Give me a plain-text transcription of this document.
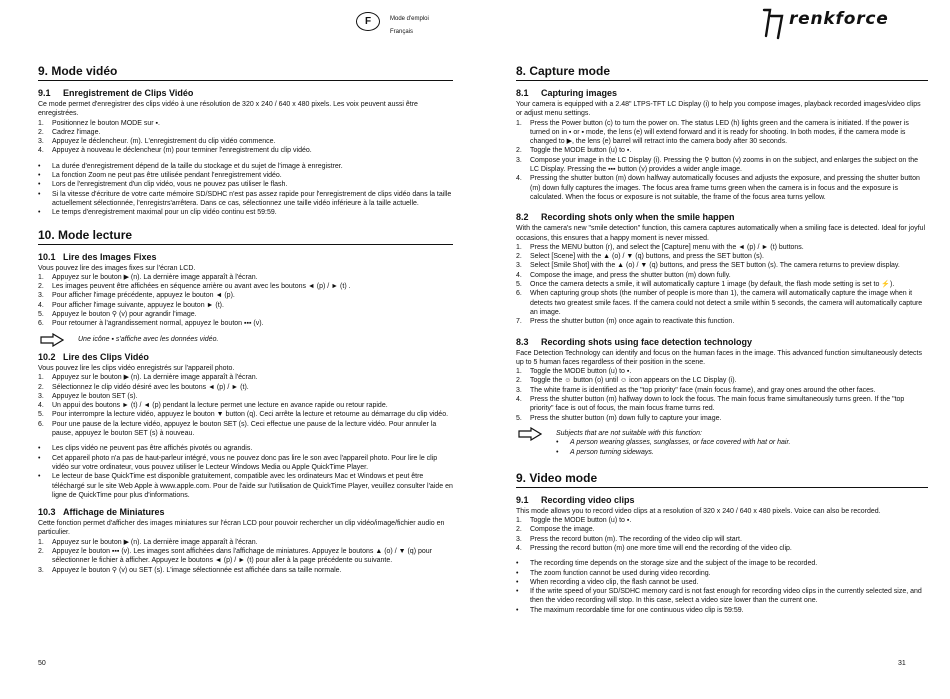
F	Mode d'emploi
Français
renkforce
9. Mode vidéo
9.1 Enregistrement de Clips Vidéo

Ce mode permet d'enregistrer des clips vidéo à une résolution de 320 x 240 / 640 x 480 pixels. Les voix peuvent aussi être enregistrées.

1. Positionnez le bouton MODE sur ▪.
2. Cadrez l'image.
3. Appuyez le déclencheur. (m). L'enregistrement du clip vidéo commence.
4. Appuyez à nouveau le déclencheur (m) pour terminer l'enregistrement du clip vidéo.
• La durée d'enregistrement dépend de la taille du stockage et du sujet de l'image à enregistrer.
• La fonction Zoom ne peut pas être utilisée pendant l'enregistrement vidéo.
• Lors de l'enregistrement d'un clip vidéo, vous ne pouvez pas utiliser le flash.
• Si la vitesse d'écriture de votre carte mémoire SD/SDHC n'est pas assez rapide pour l'enregistrement de clips vidéo dans la taille actuellement sélectionnée, l'enregistrs'arrêtera. Dans ce cas, sélectionnez une taille vidéo inférieure à la taille actuelle.
• Le temps d'enregistrement maximal pour un clip vidéo continu est 59:59.
10. Mode lecture
10.1 Lire des Images Fixes

Vous pouvez lire des images fixes sur l'écran LCD.

1. Appuyez sur le bouton ▶ (n). La dernière image apparaît à l'écran.
2. Les images peuvent être affichées en séquence arrière ou avant avec les boutons ◄ (p) / ► (t) .
3. Pour afficher l'image précédente, appuyez le bouton ◄ (p).
4. Pour afficher l'image suivante, appuyez le bouton ► (t).
5. Appuyez le bouton ⚲ (v) pour agrandir l'image.
6. Pour retourner à l'agrandissement normal, appuyez le bouton ▪▪▪ (v).
Une icône ▪ s'affiche avec les données vidéo.
10.2 Lire des Clips Vidéo

Vous pouvez lire les clips vidéo enregistrés sur l'appareil photo.

1. Appuyez sur le bouton ▶ (n). La dernière image apparaît à l'écran.
2. Sélectionnez le clip vidéo désiré avec les boutons ◄ (p) / ► (t).
3. Appuyez le bouton SET (s).
4. Un appui des boutons ► (t) / ◄ (p) pendant la lecture permet une lecture en avance rapide ou retour rapide.
5. Pour interrompre la lecture vidéo, appuyez le bouton ▼ button (q). Ceci arrête la lecture et retourne au démarrage du clip vidéo.
6. Pour une pause de la lecture vidéo, appuyez le bouton SET (s). Ceci effectue une pause de la lecture vidéo. Pour annuler la pause, appuyez le bouton SET (s) à nouveau.
• Les clips vidéo ne peuvent pas être affichés pivotés ou agrandis.
• Cet appareil photo n'a pas de haut-parleur intégré, vous ne pouvez donc pas lire le son avec l'appareil photo. Pour lire le clip vidéo sur votre ordinateur, vous pouvez utiliser le Lecteur Windows Media ou Apple QuickTime Player.
• Le lecteur de base QuickTime est disponible gratuitement, compatible avec les ordinateurs Mac et Windows et peut être téléchargé sur le site Web Apple à www.apple.com. Pour de l'aide sur l'utilisation de QuickTime Player, veuillez consulter l'aide en ligne de QuickTime pour plus d'informations.
10.3 Affichage de Miniatures

Cette fonction permet d'afficher des images miniatures sur l'écran LCD pour pouvoir rechercher un clip vidéo/image/fichier audio en particulier.

1. Appuyez sur le bouton ▶ (n). La dernière image apparaît à l'écran.
2. Appuyez le bouton ▪▪▪ (v). Les images sont affichées dans l'affichage de miniatures. Appuyez le boutons ▲ (o) / ▼ (q) pour sélectionner le fichier à afficher. Appuyez le boutons ◄ (p) / ► (t) pour aller à la page précédente ou suivante.
3. Appuyez le bouton ⚲ (v) ou SET (s). L'image sélectionnée est affichée dans sa taille normale.
8. Capture mode
8.1 Capturing images

Your camera is equipped with a 2.48" LTPS-TFT LC Display (i) to help you compose images, playback recorded images/video clips or adjust menu settings.

1. Press the Power button (c) to turn the power on. The status LED (h) lights green and the camera is initiated. If the power is turned on in ▪ or ▪ mode, the lens (e) will extend forward and it is ready for shooting. In both modes, if the camera mode is changed to ▶, the lens (e) barrel will retract into the camera body after 30 seconds.
2. Toggle the MODE button (u) to ▪.
3. Compose your image in the LC Display (i). Pressing the ⚲ button (v) zooms in on the subject, and enlarges the subject on the LC Display. Pressing the ▪▪▪ button (v) provides a wider angle image.
4. Pressing the shutter button (m) down halfway automatically focuses and adjusts the exposure, and pressing the shutter button (m) down fully captures the images. The focus area frame turns green when the camera is in focus and the exposure is calculated. When the focus or exposure is not suitable, the frame of the focus area turns yellow.
8.2 Recording shots only when the smile happen

With the camera's new "smile detection" function, this camera captures automatically when a smiling face is detected. Ideal for joyful occasions, this ensures that a happy moment is never missed.

1. Press the MENU button (r), and select the [Capture] menu with the ◄ (p) / ► (t) buttons.
2. Select [Scene] with the ▲ (o) / ▼ (q) buttons, and press the SET button (s).
3. Select [Smile Shot] with the ▲ (o) / ▼ (q) buttons, and press the SET button (s). The camera returns to preview display.
4. Compose the image, and press the shutter button (m) down fully.
5. Once the camera detects a smile, it will automatically capture 1 image (by default, the flash mode setting is set to ⚡).
6. When capturing group shots (the number of people is more than 1), the camera will automatically capture the image when it detects two greatest smile faces. If the camera could not detect a smile within 5 seconds, the camera will automatically capture an image.
7. Press the shutter button (m) once again to reactivate this function.
8.3 Recording shots using face detection technology

Face Detection Technology can identify and focus on the human faces in the image. This advanced function simultaneously detects up to 5 human faces regardless of their position in the scene.

1. Toggle the MODE button (u) to ▪.
2. Toggle the ☺ button (o) until ☺ icon appears on the LC Display (i).
3. The white frame is identified as the "top priority" face (main focus frame), and gray ones around the other faces.
4. Press the shutter button (m) halfway down to lock the focus. The main focus frame simultaneously turns green. If the "top priority" face is out of focus, the main focus frame turns red.
5. Press the shutter button (m) down fully to capture your image.
Subjects that are not suitable with this function:
• A person wearing glasses, sunglasses, or face covered with hat or hair.
• A person turning sideways.
9. Video mode
9.1 Recording video clips

This mode allows you to record video clips at a resolution of 320 x 240 / 640 x 480 pixels. Voice can also be recorded.

1. Toggle the MODE button (u) to ▪.
2. Compose the image.
3. Press the record button (m). The recording of the video clip will start.
4. Pressing the record button (m) one more time will end the recording of the video clip.
• The recording time depends on the storage size and the subject of the image to be recorded.
• The zoom function cannot be used during video recording.
• When recording a video clip, the flash cannot be used.
• If the write speed of your SD/SDHC memory card is not fast enough for recording video clips in the currently selected size, and then the video recording will stop. In this case, select a video size lower than the current one.
• The maximum recordable time for one continuous video clip is 59:59.
50	31
